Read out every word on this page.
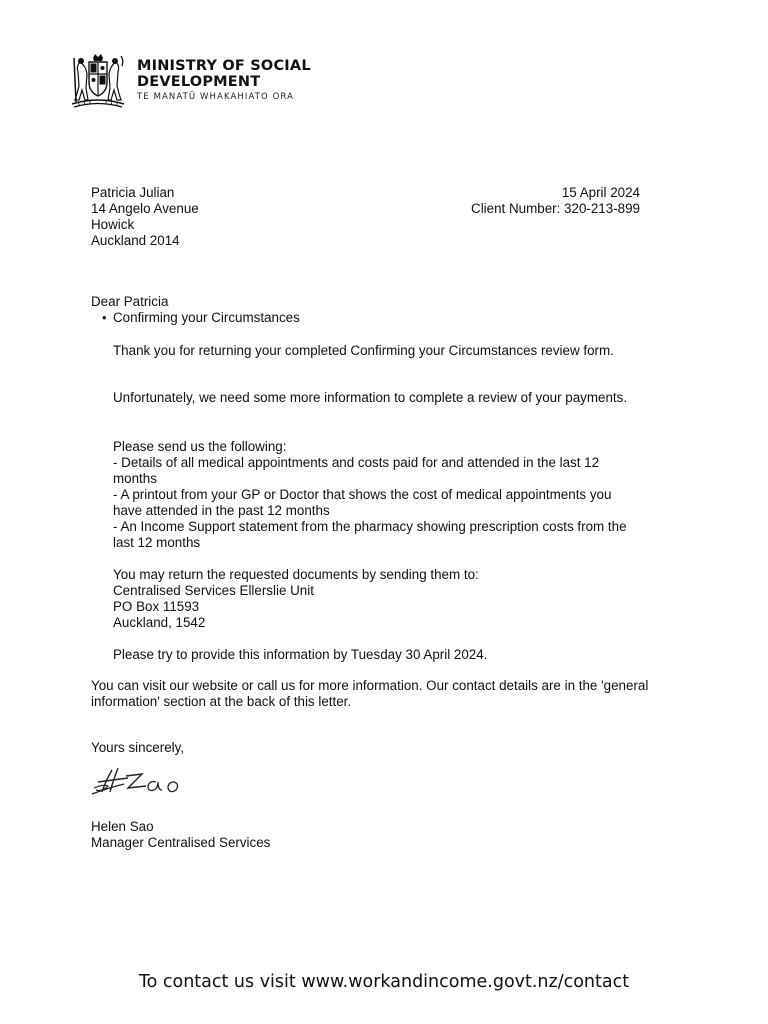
MINISTRY OF SOCIAL
DEVELOPMENT
TE MANATŪ WHAKAHIATO ORA
Patricia Julian
14 Angelo Avenue
Howick
Auckland 2014
15 April 2024
Client Number: 320-213-899
Dear Patricia
• Confirming your Circumstances
Thank you for returning your completed Confirming your Circumstances review form.
Unfortunately, we need some more information to complete a review of your payments.
Please send us the following:
- Details of all medical appointments and costs paid for and attended in the last 12 months
- A printout from your GP or Doctor that shows the cost of medical appointments you have attended in the past 12 months
- An Income Support statement from the pharmacy showing prescription costs from the last 12 months
You may return the requested documents by sending them to:
Centralised Services Ellerslie Unit
PO Box 11593
Auckland, 1542
Please try to provide this information by Tuesday 30 April 2024.
You can visit our website or call us for more information. Our contact details are in the 'general information' section at the back of this letter.
Yours sincerely,
Helen Sao
Manager Centralised Services
To contact us visit www.workandincome.govt.nz/contact
